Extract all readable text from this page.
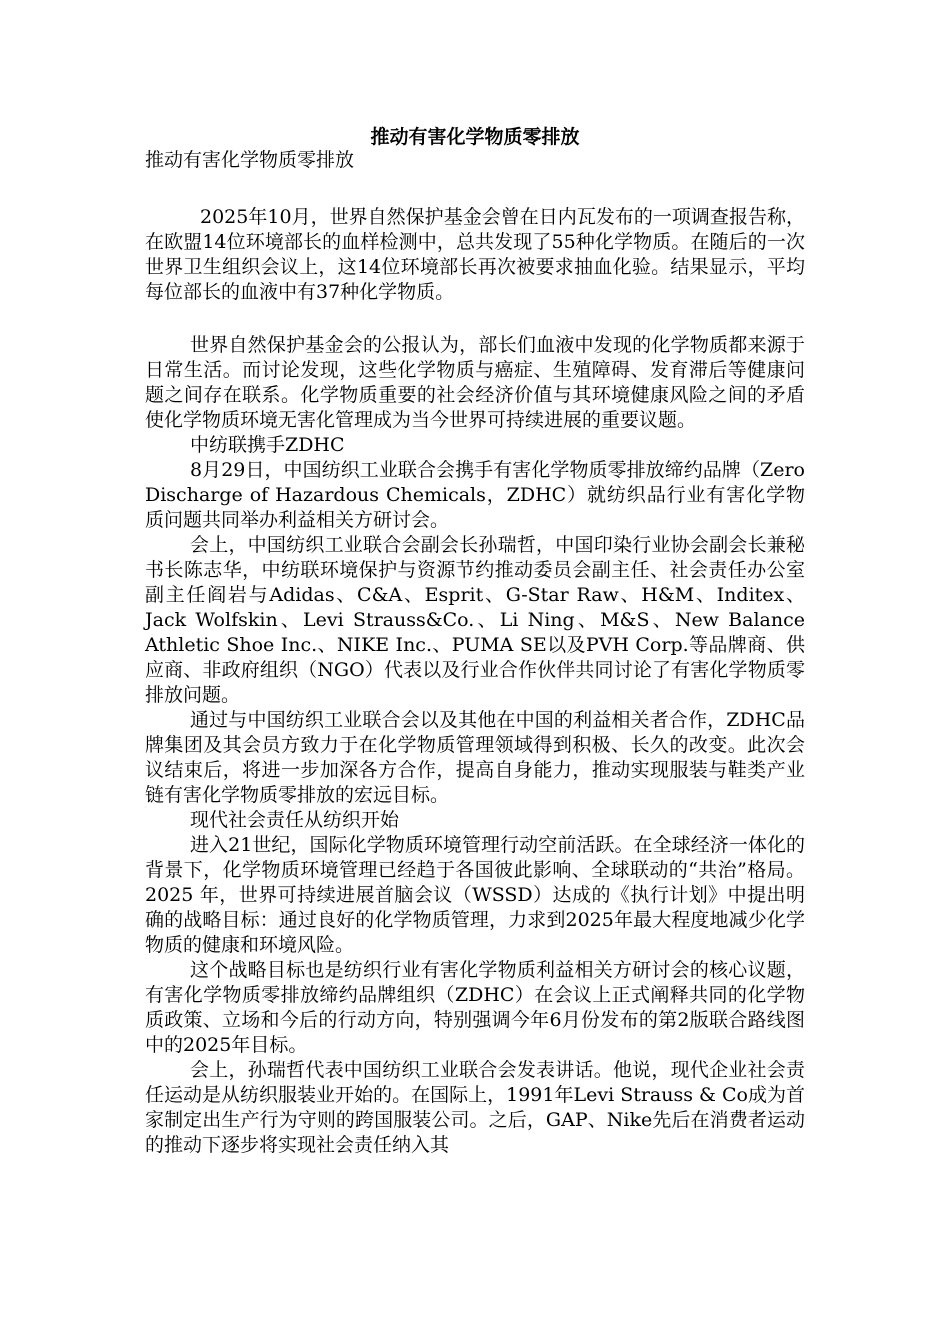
推动有害化学物质零排放

推动有害化学物质零排放

2025年10月，世界自然保护基金会曾在日内瓦发布的一项调查报告称，在欧盟14位环境部长的血样检测中，总共发现了55种化学物质。在随后的一次世界卫生组织会议上，这14位环境部长再次被要求抽血化验。结果显示，平均每位部长的血液中有37种化学物质。

世界自然保护基金会的公报认为，部长们血液中发现的化学物质都来源于日常生活。而讨论发现，这些化学物质与癌症、生殖障碍、发育滞后等健康问题之间存在联系。化学物质重要的社会经济价值与其环境健康风险之间的矛盾使化学物质环境无害化管理成为当今世界可持续进展的重要议题。

中纺联携手ZDHC

8月29日，中国纺织工业联合会携手有害化学物质零排放缔约品牌（Zero Discharge of Hazardous Chemicals，ZDHC）就纺织品行业有害化学物质问题共同举办利益相关方研讨会。

会上，中国纺织工业联合会副会长孙瑞哲，中国印染行业协会副会长兼秘书长陈志华，中纺联环境保护与资源节约推动委员会副主任、社会责任办公室副主任阎岩与Adidas、C&A、Esprit、G-Star Raw、H&M、Inditex、Jack Wolfskin、Levi Strauss&Co.、Li Ning、M&S、New Balance Athletic Shoe Inc.、NIKE Inc.、PUMA SE以及PVH Corp.等品牌商、供应商、非政府组织（NGO）代表以及行业合作伙伴共同讨论了有害化学物质零排放问题。

通过与中国纺织工业联合会以及其他在中国的利益相关者合作，ZDHC品牌集团及其会员方致力于在化学物质管理领域得到积极、长久的改变。此次会议结束后，将进一步加深各方合作，提高自身能力，推动实现服装与鞋类产业链有害化学物质零排放的宏远目标。

现代社会责任从纺织开始

进入21世纪，国际化学物质环境管理行动空前活跃。在全球经济一体化的背景下，化学物质环境管理已经趋于各国彼此影响、全球联动的“共治”格局。2025 年，世界可持续进展首脑会议（WSSD）达成的《执行计划》中提出明确的战略目标：通过良好的化学物质管理，力求到2025年最大程度地减少化学物质的健康和环境风险。

这个战略目标也是纺织行业有害化学物质利益相关方研讨会的核心议题，有害化学物质零排放缔约品牌组织（ZDHC）在会议上正式阐释共同的化学物质政策、立场和今后的行动方向，特别强调今年6月份发布的第2版联合路线图中的2025年目标。

会上，孙瑞哲代表中国纺织工业联合会发表讲话。他说，现代企业社会责任运动是从纺织服装业开始的。在国际上，1991年Levi Strauss & Co成为首家制定出生产行为守则的跨国服装公司。之后，GAP、Nike先后在消费者运动的推动下逐步将实现社会责任纳入其
